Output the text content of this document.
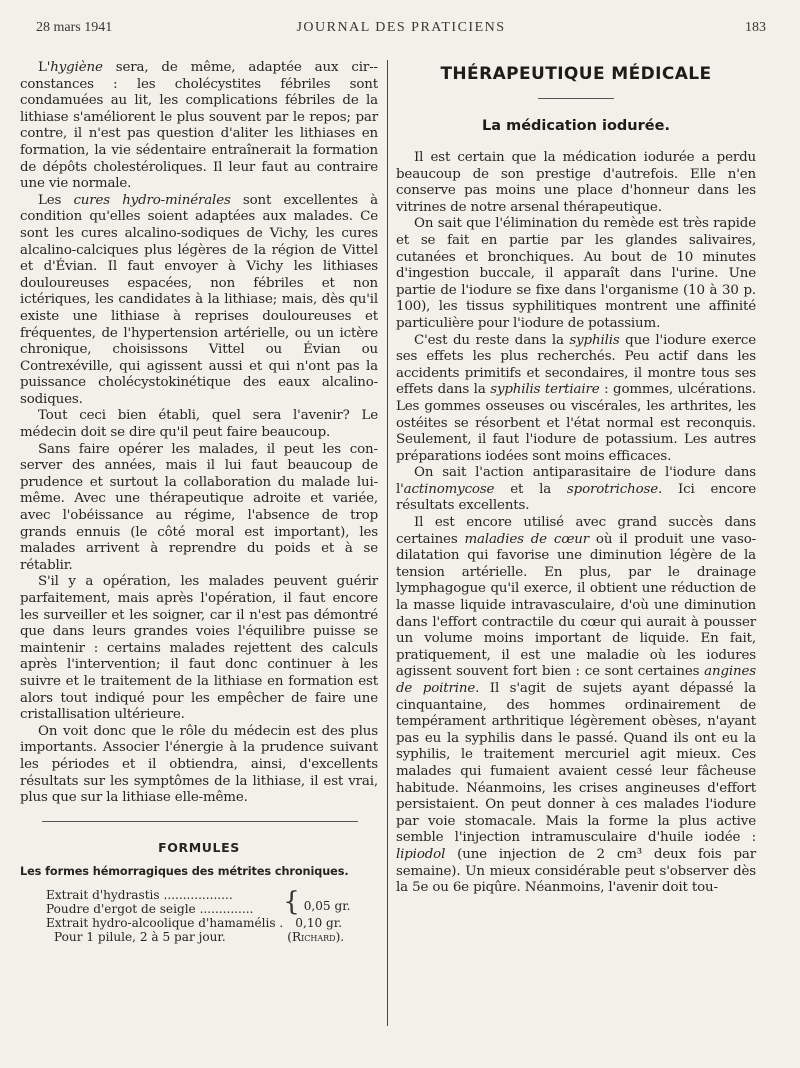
28 mars 1941	JOURNAL DES PRATICIENS	183

L'hygiène sera, de même, adaptée aux cir-constances : les cholécystites fébriles sont condamuées au lit, les complications fébriles de la lithiase s'améliorent le plus souvent par le repos; par contre, il n'est pas question d'aliter les lithiases en formation, la vie sédentaire entraînerait la formation de dépôts cholestéroliques. Il leur faut au contraire une vie normale.

Les cures hydro-minérales sont excellentes à condition qu'elles soient adaptées aux malades. Ce sont les cures alcalino-sodiques de Vichy, les cures alcalino-calciques plus légères de la région de Vittel et d'Évian. Il faut envoyer à Vichy les lithiases douloureuses espacées, non fébriles et non ictériques, les candidates à la lithiase; mais, dès qu'il existe une lithiase à reprises douloureuses et fréquentes, de l'hypertension artérielle, ou un ictère chronique, choisissons Vittel ou Évian ou Contrexéville, qui agissent aussi et qui n'ont pas la puissance cholécystokinétique des eaux alcalino-sodiques.

Tout ceci bien établi, quel sera l'avenir? Le médecin doit se dire qu'il peut faire beaucoup.

Sans faire opérer les malades, il peut les conserver des années, mais il lui faut beaucoup de prudence et surtout la collaboration du malade lui-même. Avec une thérapeutique adroite et variée, avec l'obéissance au régime, l'absence de trop grands ennuis (le côté moral est important), les malades arrivent à reprendre du poids et à se rétablir.

S'il y a opération, les malades peuvent guérir parfaitement, mais après l'opération, il faut encore les surveiller et les soigner, car il n'est pas démontré que dans leurs grandes voies l'équilibre puisse se maintenir : certains malades rejettent des calculs après l'intervention; il faut donc continuer à les suivre et le traitement de la lithiase en formation est alors tout indiqué pour les empêcher de faire une cristallisation ultérieure.

On voit donc que le rôle du médecin est des plus importants. Associer l'énergie à la prudence suivant les périodes et il obtiendra, ainsi, d'excellents résultats sur les symptômes de la lithiase, il est vrai, plus que sur la lithiase elle-même.

FORMULES
Les formes hémorragiques des métrites chroniques.
Extrait d'hydrastis ..................	{ 0,05 gr.
Poudre d'ergot de seigle ..............	
Extrait hydro-alcoolique d'hamamélis .	0,10 gr.
Pour 1 pilule, 2 à 5 par jour.	(Richard).
THÉRAPEUTIQUE MÉDICALE
La médication iodurée.

Il est certain que la médication iodurée a perdu beaucoup de son prestige d'autrefois. Elle n'en conserve pas moins une place d'honneur dans les vitrines de notre arsenal thérapeutique.

On sait que l'élimination du remède est très rapide et se fait en partie par les glandes salivaires, cutanées et bronchiques. Au bout de 10 minutes d'ingestion buccale, il apparaît dans l'urine. Une partie de l'iodure se fixe dans l'organisme (10 à 30 p. 100), les tissus syphilitiques montrent une affinité particulière pour l'iodure de potassium.

C'est du reste dans la syphilis que l'iodure exerce ses effets les plus recherchés. Peu actif dans les accidents primitifs et secondaires, il montre tous ses effets dans la syphilis tertiaire : gommes, ulcérations. Les gommes osseuses ou viscérales, les arthrites, les ostéites se résorbent et l'état normal est reconquis. Seulement, il faut l'iodure de potassium. Les autres préparations iodées sont moins efficaces.

On sait l'action antiparasitaire de l'iodure dans l'actinomycose et la sporotrichose. Ici encore résultats excellents.

Il est encore utilisé avec grand succès dans certaines maladies de cœur où il produit une vaso-dilatation qui favorise une diminution légère de la tension artérielle. En plus, par le drainage lymphagogue qu'il exerce, il obtient une réduction de la masse liquide intravasculaire, d'où une diminution dans l'effort contractile du cœur qui aurait à pousser un volume moins important de liquide. En fait, pratiquement, il est une maladie où les iodures agissent souvent fort bien : ce sont certaines angines de poitrine. Il s'agit de sujets ayant dépassé la cinquantaine, des hommes ordinairement de tempérament arthritique légèrement obèses, n'ayant pas eu la syphilis dans le passé. Quand ils ont eu la syphilis, le traitement mercuriel agit mieux. Ces malades qui fumaient avaient cessé leur fâcheuse habitude. Néanmoins, les crises angineuses d'effort persistaient. On peut donner à ces malades l'iodure par voie stomacale. Mais la forme la plus active semble l'injection intramusculaire d'huile iodée : lipiodol (une injection de 2 cm³ deux fois par semaine). Un mieux considérable peut s'observer dès la 5e ou 6e piqûre. Néanmoins, l'avenir doit tou-
